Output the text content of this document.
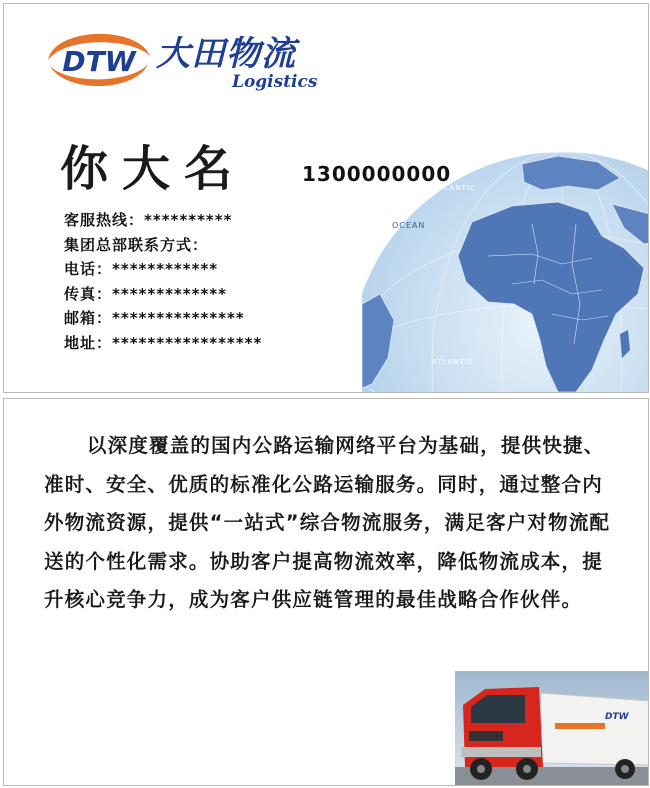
DTW 大田物流
Logistics
你大名	1300000000
客服热线：**********
集团总部联系方式：
电话：************
传真：*************
邮箱：***************
地址：*****************
ATLANTIC
OCEAN
ATLANTIC
以深度覆盖的国内公路运输网络平台为基础，提供快捷、准时、安全、优质的标准化公路运输服务。同时，通过整合内外物流资源，提供“一站式”综合物流服务，满足客户对物流配送的个性化需求。协助客户提高物流效率，降低物流成本，提升核心竞争力，成为客户供应链管理的最佳战略合作伙伴。
DTW
